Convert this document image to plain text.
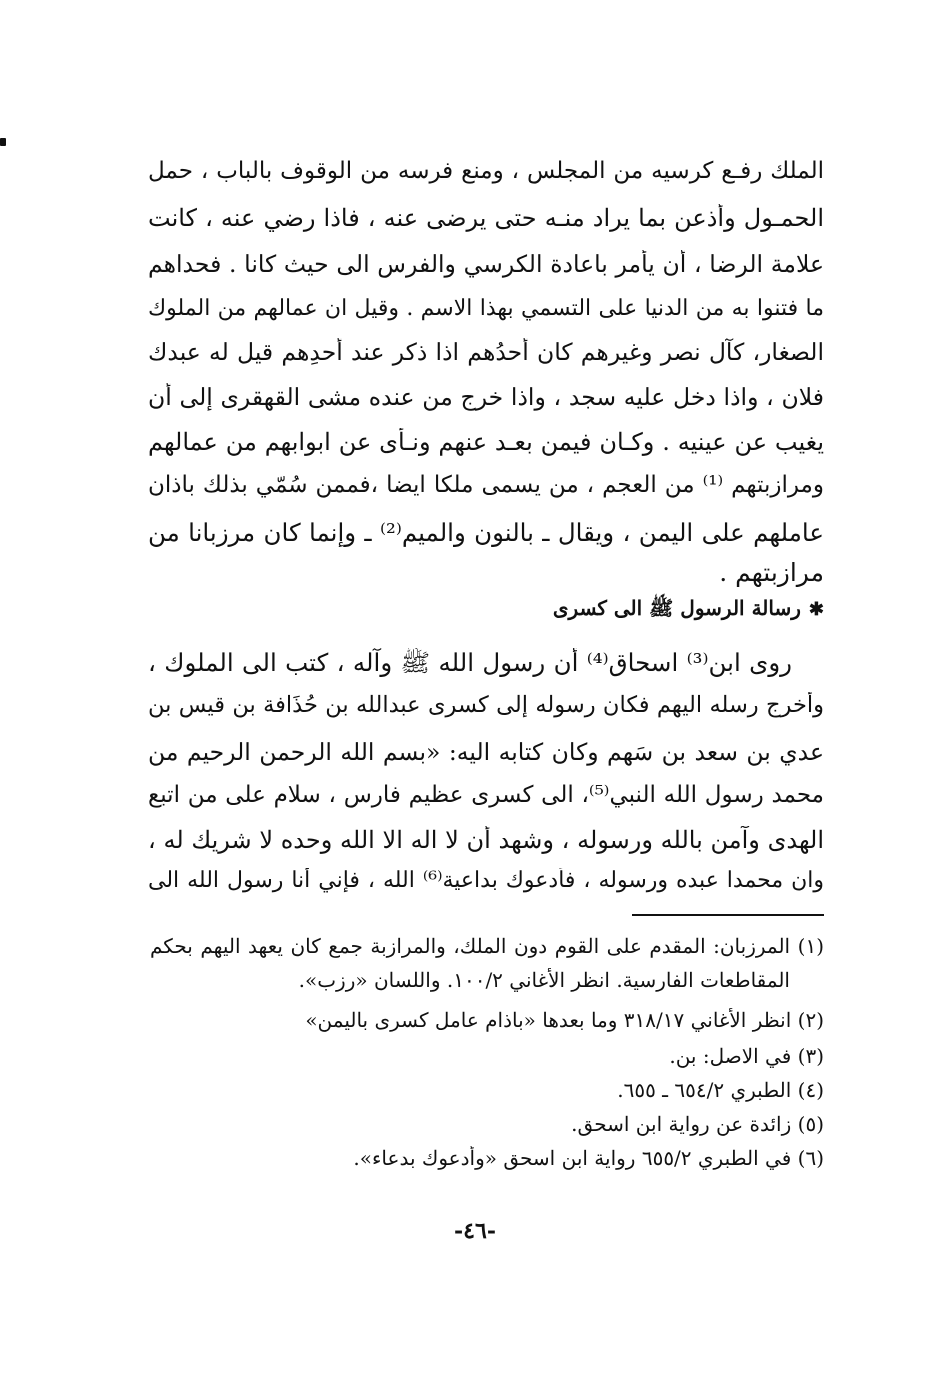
الملك رفـع كرسيه من المجلس ، ومنع فرسه من الوقوف بالباب ، حمل
الحمـول وأذعن بما يراد منـه حتى يرضى عنه ، فاذا رضي عنه ، كانت
علامة الرضا ، أن يأمر باعادة الكرسي والفرس الى حيث كانا . فحداهم
ما فتنوا به من الدنيا على التسمي بهذا الاسم . وقيل ان عمالهم من الملوك
الصغار، كآل نصر وغيرهم كان أحدُهم اذا ذكر عند أحدِهم قيل له عبدك
فلان ، واذا دخل عليه سجد ، واذا خرج من عنده مشى القهقرى إلى أن
يغيب عن عينيه . وكـان فيمن بعـد عنهم ونـأى عن ابوابهم من عمالهم
ومرازبتهم ⁽¹⁾ من العجم ، من يسمى ملكا ايضا ،فممن سُمّي بذلك باذان
عاملهم على اليمن ، ويقال ـ بالنون والميم⁽²⁾ ـ وإنما كان مرزبانا من
مرازبتهم .
✱رسالة الرسول ﷺ الى كسرى
روى ابن⁽³⁾ اسحاق⁽⁴⁾ أن رسول الله ﷺ وآله ، كتب الى الملوك ،
وأخرج رسله اليهم فكان رسوله إلى كسرى عبدالله بن حُذَافة بن قيس بن
عدي بن سعد بن سَهم وكان كتابه اليه: «بسم الله الرحمن الرحيم من
محمد رسول الله النبي⁽⁵⁾، الى كسرى عظيم فارس ، سلام على من اتبع
الهدى وآمن بالله ورسوله ، وشهد أن لا اله الا الله وحده لا شريك له ،
وان محمدا عبده ورسوله ، فأدعوك بداعية⁽⁶⁾ الله ، فإني أنا رسول الله الى
(١) المرزبان: المقدم على القوم دون الملك، والمرازبة جمع كان يعهد اليهم بحكم
المقاطعات الفارسية. انظر الأغاني ١٠٠/٢. واللسان «رزب».
(٢) انظر الأغاني ٣١٨/١٧ وما بعدها «باذام عامل كسرى باليمن»
(٣) في الاصل: بن.
(٤) الطبري ٦٥٤/٢ ـ ٦٥٥.
(٥) زائدة عن رواية ابن اسحق.
(٦) في الطبري ٦٥٥/٢ رواية ابن اسحق «وأدعوك بدعاء».
-٤٦-
